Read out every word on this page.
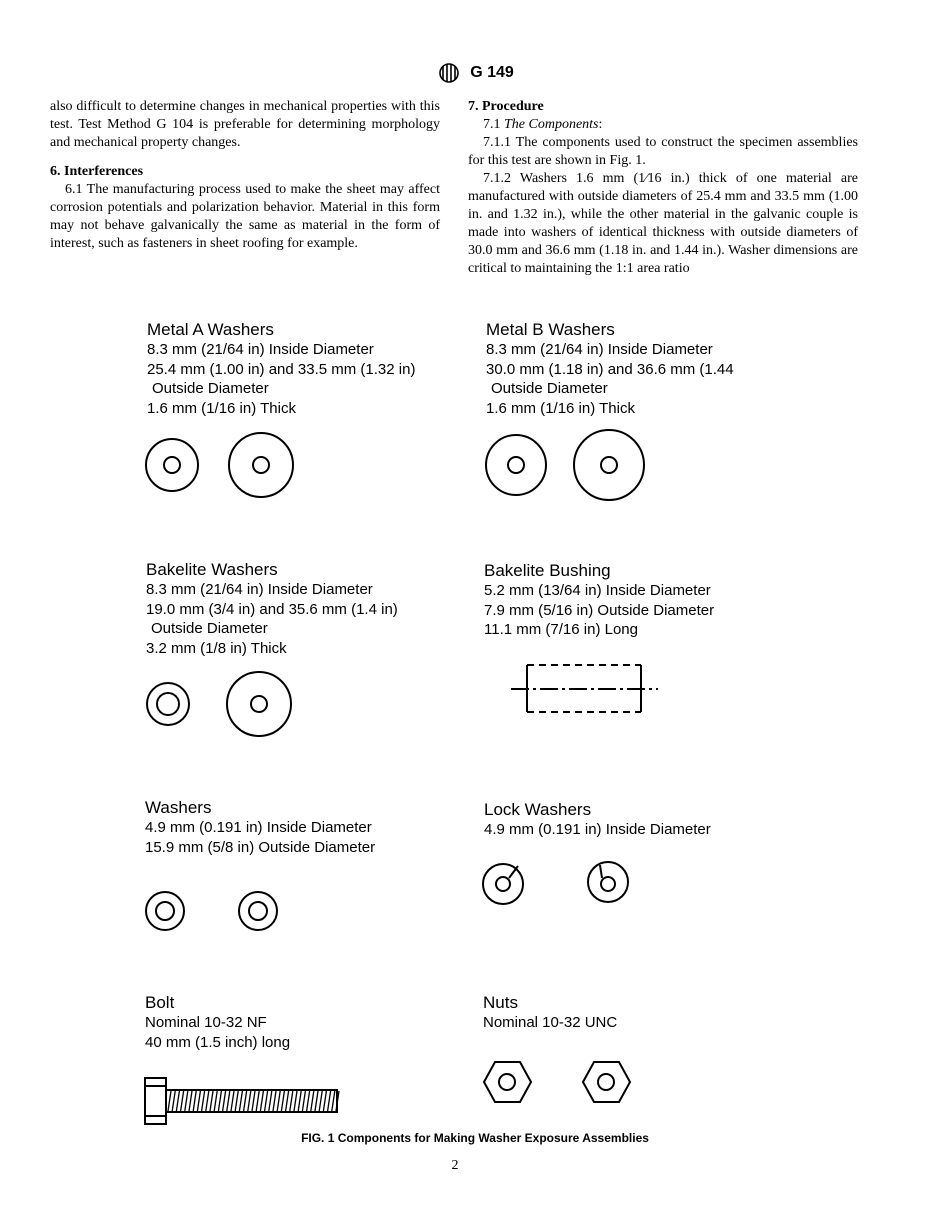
G 149

also difficult to determine changes in mechanical properties with this test. Test Method G 104 is preferable for determining morphology and mechanical property changes.

6. Interferences

6.1 The manufacturing process used to make the sheet may affect corrosion potentials and polarization behavior. Material in this form may not behave galvanically the same as material in the form of interest, such as fasteners in sheet roofing for example.

7. Procedure

7.1 The Components:

7.1.1 The components used to construct the specimen assemblies for this test are shown in Fig. 1.

7.1.2 Washers 1.6 mm (1⁄16 in.) thick of one material are manufactured with outside diameters of 25.4 mm and 33.5 mm (1.00 in. and 1.32 in.), while the other material in the galvanic couple is made into washers of identical thickness with outside diameters of 30.0 mm and 36.6 mm (1.18 in. and 1.44 in.). Washer dimensions are critical to maintaining the 1:1 area ratio

Metal A Washers
8.3 mm (21/64 in) Inside Diameter
25.4 mm (1.00 in) and 33.5 mm (1.32 in)
Outside Diameter
1.6 mm (1/16 in) Thick
Metal B Washers
8.3 mm (21/64 in) Inside Diameter
30.0 mm (1.18 in) and 36.6 mm (1.44
Outside Diameter
1.6 mm (1/16 in) Thick
Bakelite Washers
8.3 mm (21/64 in) Inside Diameter
19.0 mm (3/4 in) and 35.6 mm (1.4 in)
Outside Diameter
3.2 mm (1/8 in) Thick
Bakelite Bushing
5.2 mm (13/64 in) Inside Diameter
7.9 mm (5/16 in) Outside Diameter
11.1 mm (7/16 in) Long
Washers
4.9 mm (0.191 in) Inside Diameter
15.9 mm (5/8 in) Outside Diameter
Lock Washers
4.9 mm (0.191 in) Inside Diameter
Bolt
Nominal 10-32 NF
40 mm (1.5 inch) long
Nuts
Nominal 10-32 UNC
FIG. 1 Components for Making Washer Exposure Assemblies
2
